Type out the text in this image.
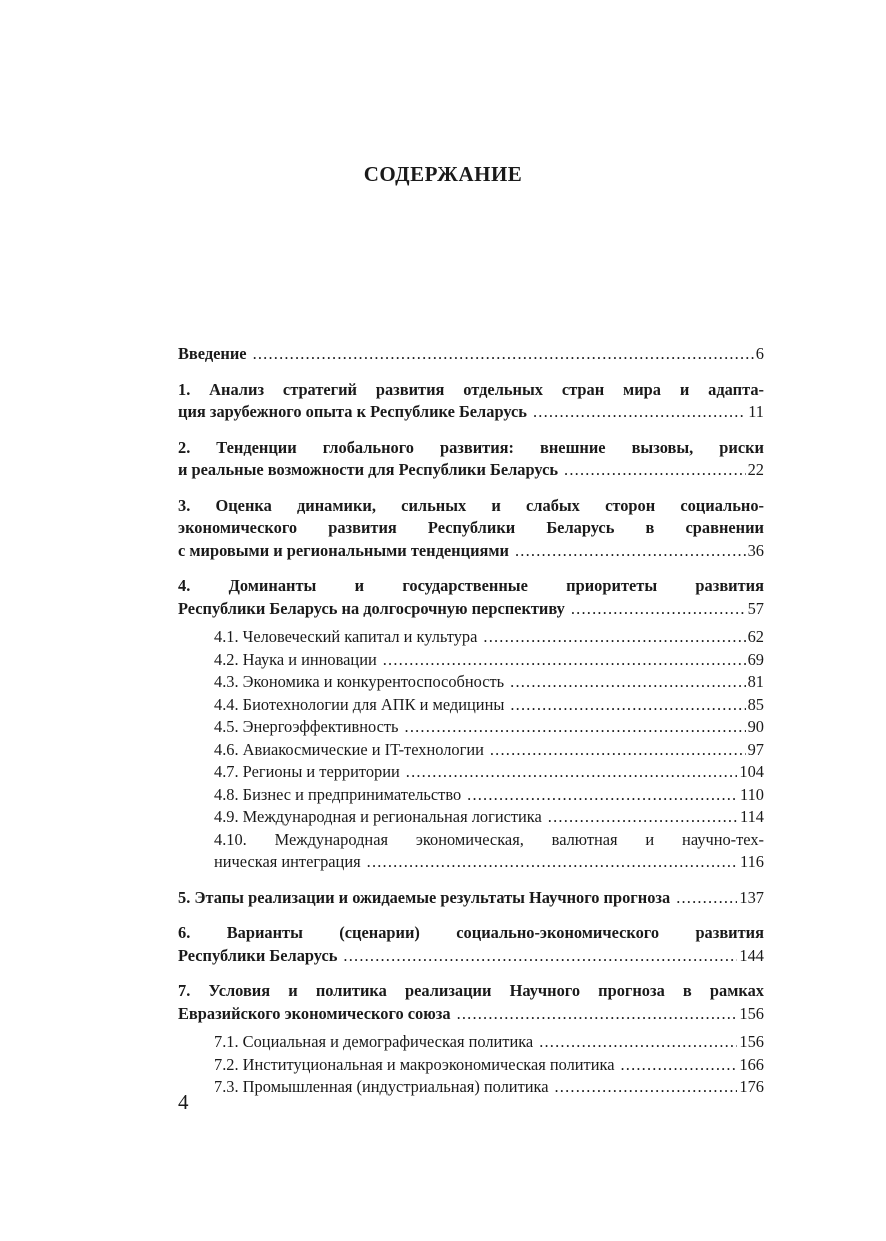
СОДЕРЖАНИЕ
Введение .....	6
1. Анализ стратегий развития отдельных стран мира и адапта-
ция зарубежного опыта к Республике Беларусь .....	11
2. Тенденции глобального развития: внешние вызовы, риски
и реальные возможности для Республики Беларусь .....	22
3. Оценка динамики, сильных и слабых сторон социально-
экономического развития Республики Беларусь в сравнении
с мировыми и региональными тенденциями .....	36
4. Доминанты и государственные приоритеты развития
Республики Беларусь на долгосрочную перспективу .....	57
4.1. Человеческий капитал и культура .....	62
4.2. Наука и инновации .....	69
4.3. Экономика и конкурентоспособность .....	81
4.4. Биотехнологии для АПК и медицины .....	85
4.5. Энергоэффективность .....	90
4.6. Авиакосмические и IT-технологии .....	97
4.7. Регионы и территории .....	104
4.8. Бизнес и предпринимательство .....	110
4.9. Международная и региональная логистика .....	114
4.10. Международная экономическая, валютная и научно-тех-
ническая интеграция .....	116
5. Этапы реализации и ожидаемые результаты Научного прогноза .....	137
6. Варианты (сценарии) социально-экономического развития
Республики Беларусь .....	144
7. Условия и политика реализации Научного прогноза в рамках
Евразийского экономического союза .....	156
7.1. Социальная и демографическая политика .....	156
7.2. Институциональная и макроэкономическая политика .....	166
7.3. Промышленная (индустриальная) политика .....	176
4
